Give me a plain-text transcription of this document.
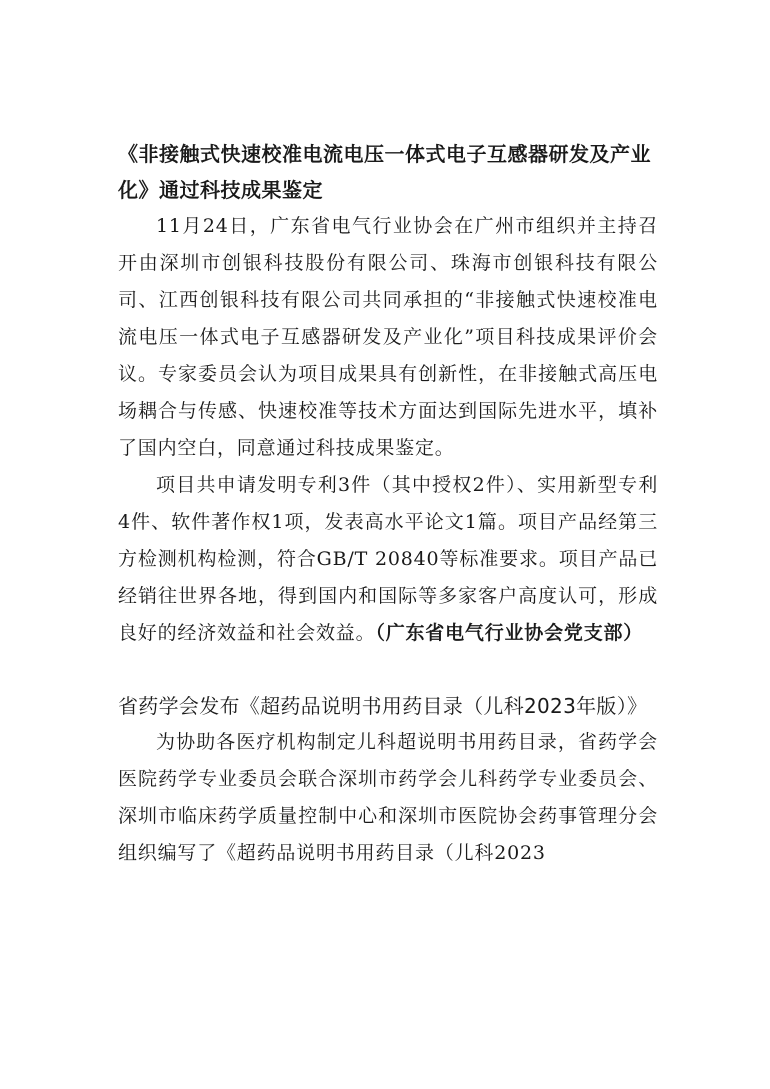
《非接触式快速校准电流电压一体式电子互感器研发及产业化》通过科技成果鉴定

11月24日，广东省电气行业协会在广州市组织并主持召开由深圳市创银科技股份有限公司、珠海市创银科技有限公司、江西创银科技有限公司共同承担的“非接触式快速校准电流电压一体式电子互感器研发及产业化”项目科技成果评价会议。专家委员会认为项目成果具有创新性，在非接触式高压电场耦合与传感、快速校准等技术方面达到国际先进水平，填补了国内空白，同意通过科技成果鉴定。

项目共申请发明专利3件（其中授权2件）、实用新型专利4件、软件著作权1项，发表高水平论文1篇。项目产品经第三方检测机构检测，符合GB/T 20840等标准要求。项目产品已经销往世界各地，得到国内和国际等多家客户高度认可，形成良好的经济效益和社会效益。（广东省电气行业协会党支部）

省药学会发布《超药品说明书用药目录（儿科2023年版）》

为协助各医疗机构制定儿科超说明书用药目录，省药学会医院药学专业委员会联合深圳市药学会儿科药学专业委员会、深圳市临床药学质量控制中心和深圳市医院协会药事管理分会组织编写了《超药品说明书用药目录（儿科2023
